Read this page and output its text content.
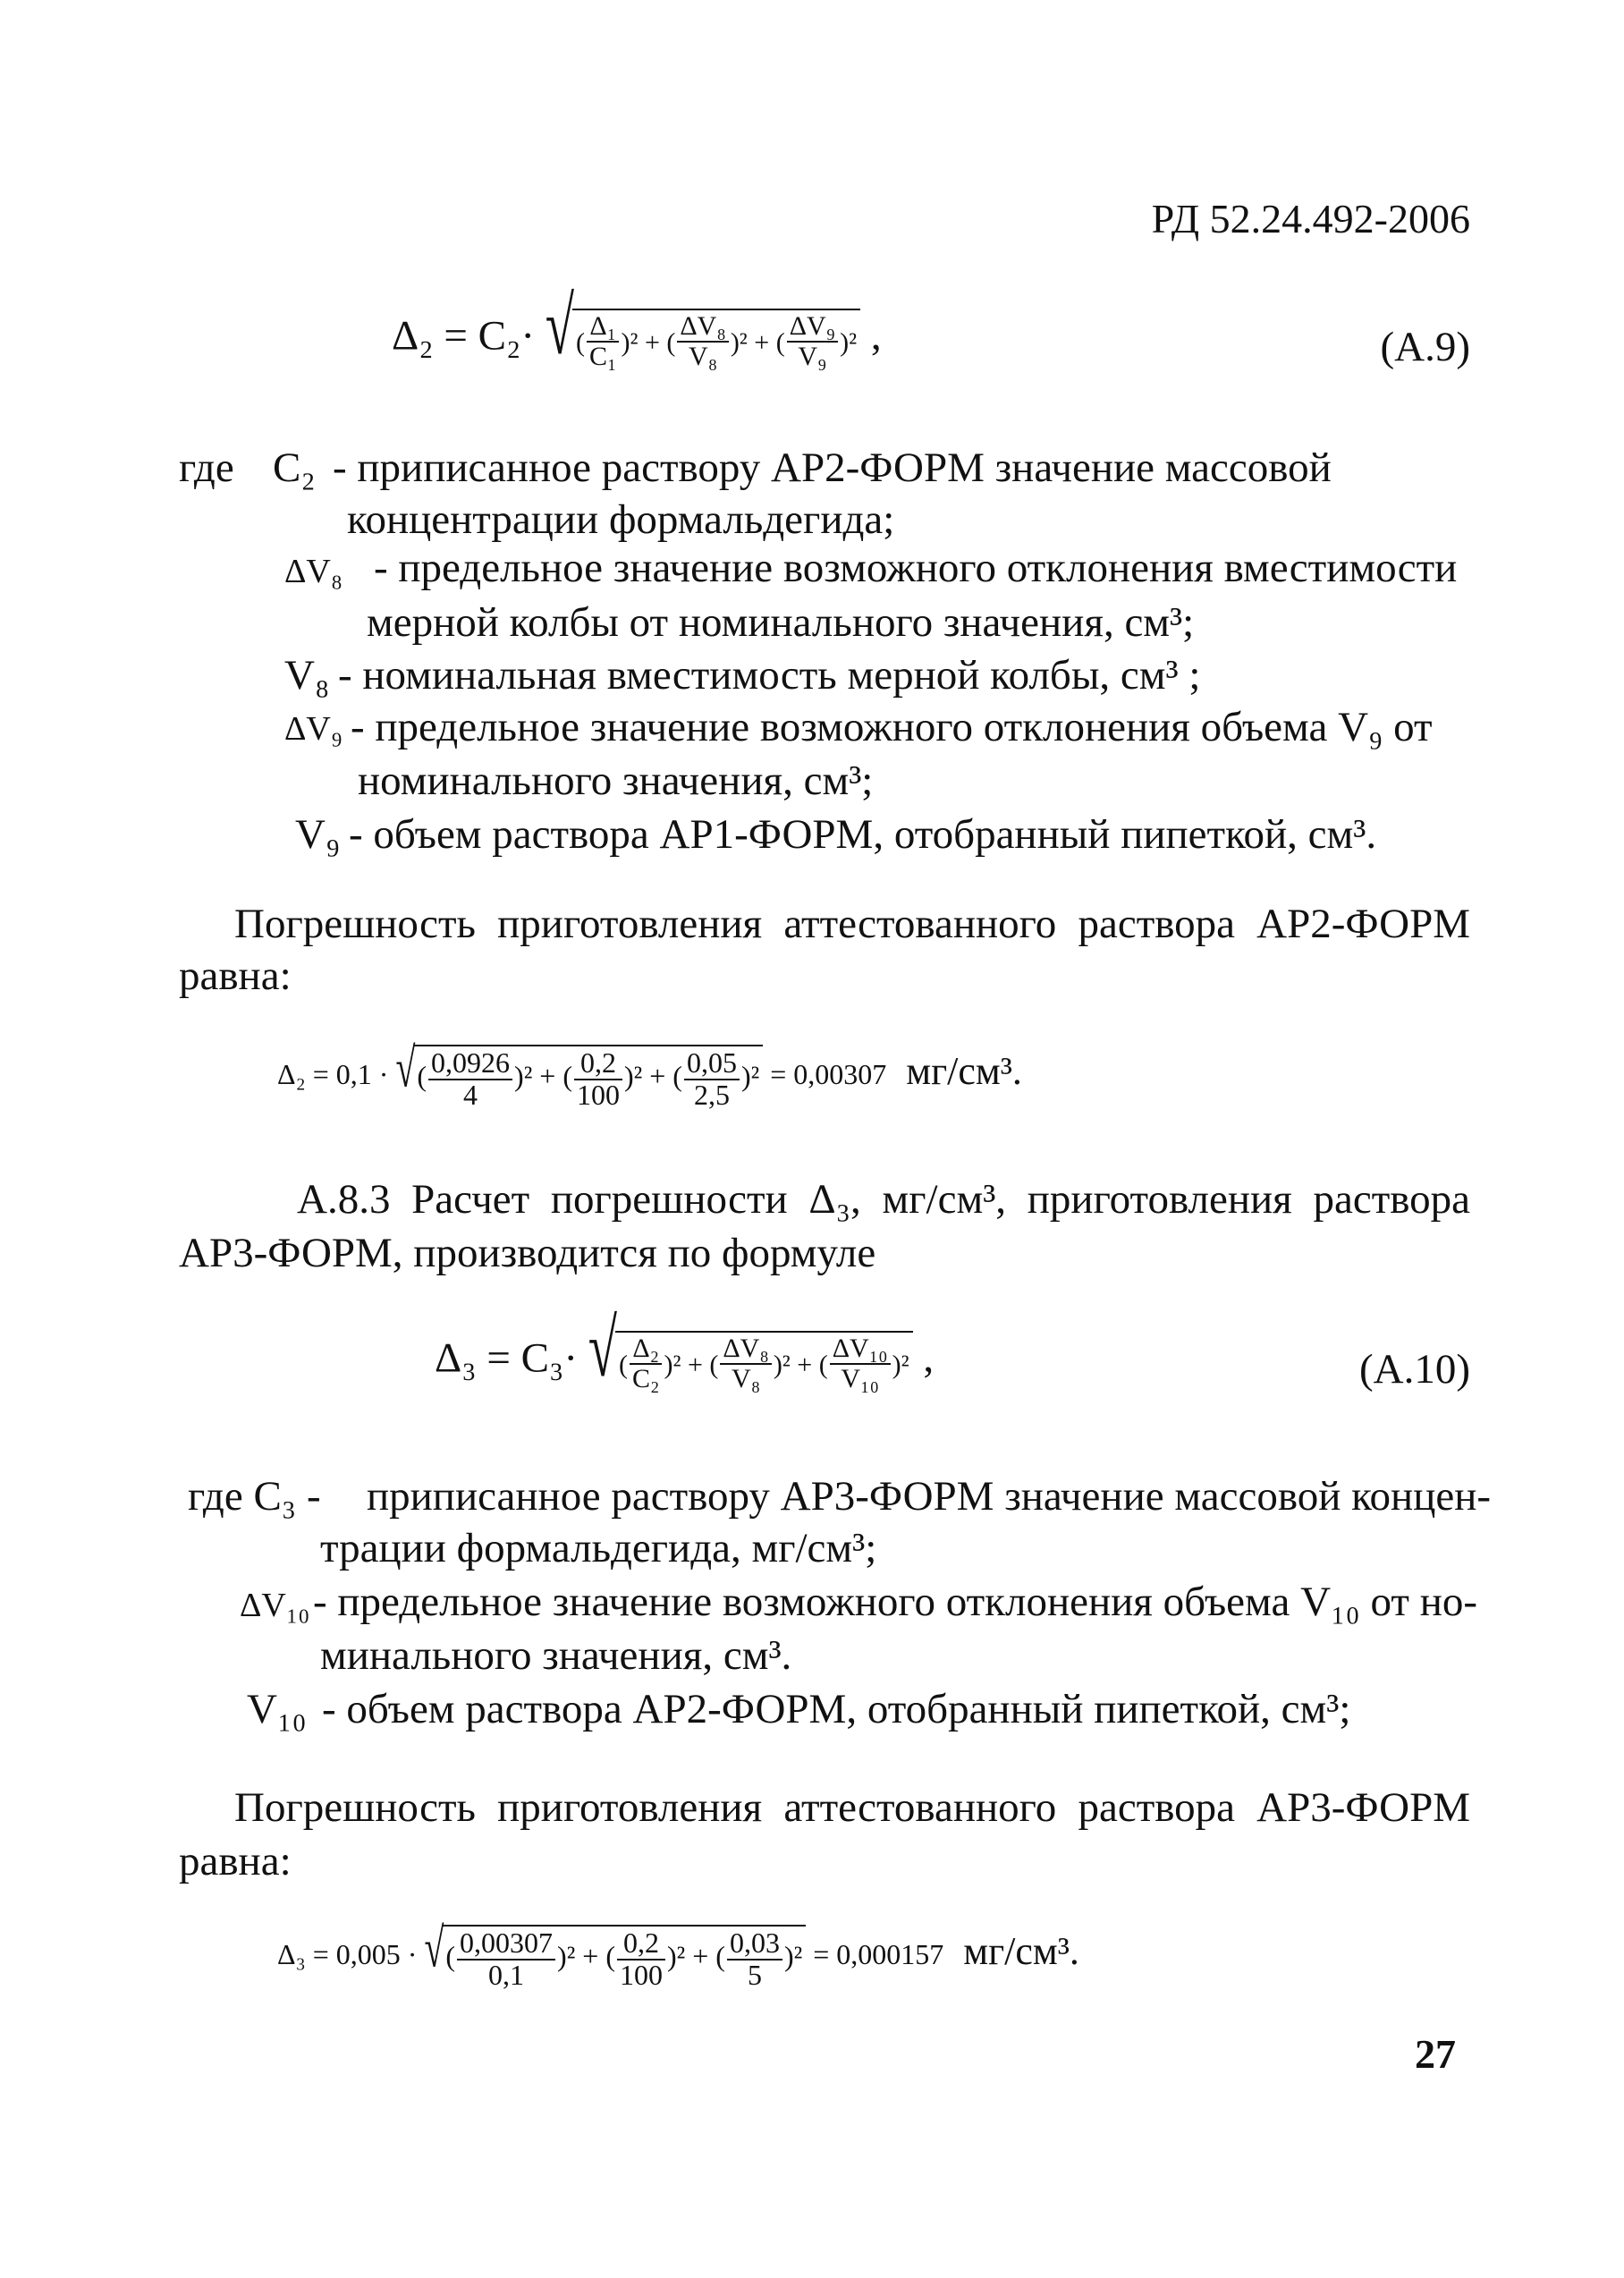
РД 52.24.492-2006
Δ₂ = C₂· √( $\frac{\text{Δ₁}}{\text{C₁}} )^2$ + ( $\frac{\text{ΔV₈}}{\text{V₈}} )^2$ + ( $\frac{\text{ΔV₉}}{\text{V₉}} )^2$ ,	(А.9)
где C₂ - приписанное раствору АР2-ФОРМ значение массовой
концентрации формальдегида;
ΔV₈ - предельное значение возможного отклонения вместимости
мерной колбы от номинального значения, см³;
V₈ - номинальная вместимость мерной колбы, см³ ;
ΔV₉ - предельное значение возможного отклонения объема V₉ от
номинального значения, см³;
V₉ - объем раствора АР1-ФОРМ, отобранный пипеткой, см³.
Погрешность приготовления аттестованного раствора АР2-ФОРМ
равна:
Δ₂ = 0,1 · √( $\frac{0,0926}{4} )^2$ + ( $\frac{0,2}{100} )^2$ + ( $\frac{0,05}{2,5} )^2 = 0,00307$ мг/см³.
А.8.3 Расчет погрешности Δ₃, мг/см³, приготовления раствора
АР3-ФОРМ, производится по формуле
Δ₃ = C₃· √( $\frac{\text{Δ₂}}{\text{C₂}} )^2$ + ( $\frac{\text{ΔV₈}}{\text{V₈}} )^2$ + ( $\frac{\text{ΔV₁₀}}{\text{V₁₀}} )^2$ ,	(А.10)
где C₃ - приписанное раствору АР3-ФОРМ значение массовой концен-
трации формальдегида, мг/см³;
ΔV₁₀ - предельное значение возможного отклонения объема V₁₀ от но-
минального значения, см³.
V₁₀ - объем раствора АР2-ФОРМ, отобранный пипеткой, см³;
Погрешность приготовления аттестованного раствора АР3-ФОРМ
равна:
Δ₃ = 0,005 · √( $\frac{0,00307}{0,1} )^2$ + ( $\frac{0,2}{100} )^2$ + ( $\frac{0,03}{5} )^2 = 0,000157$ мг/см³.
27
